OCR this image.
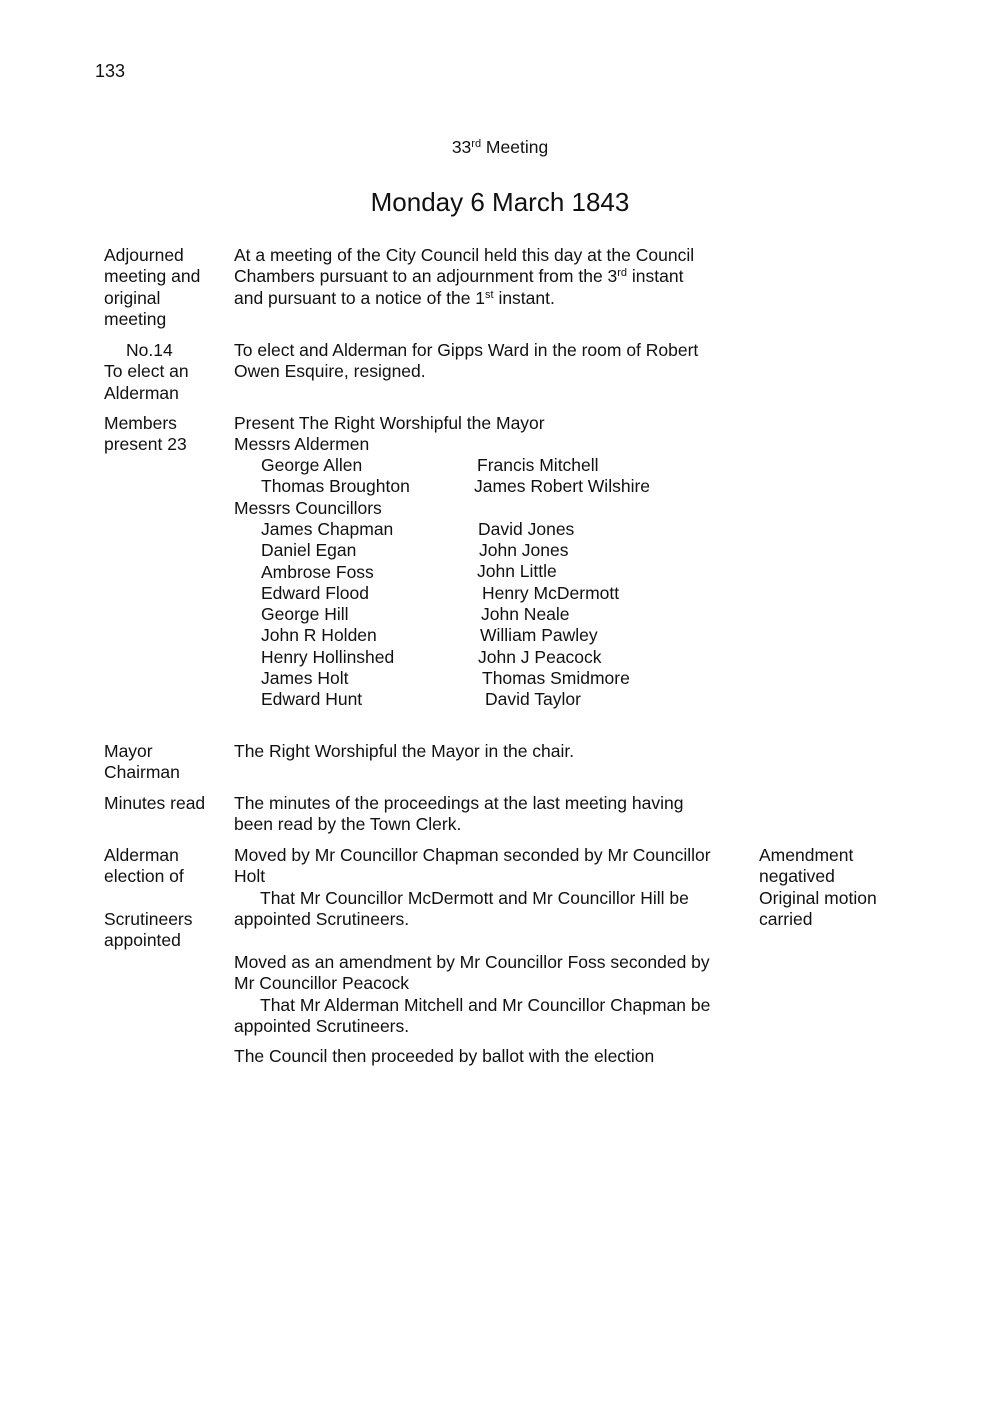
133
33rd Meeting
Monday 6 March 1843
Adjourned
meeting and
original
meeting
At a meeting of the City Council held this day at the Council
Chambers pursuant to an adjournment from the 3rd instant
and pursuant to a notice of the 1st instant.
No.14
To elect an
Alderman
To elect and Alderman for Gipps Ward in the room of Robert
Owen Esquire, resigned.
Members
present 23
Present The Right Worshipful the Mayor
Messrs Aldermen
George Allen
Thomas Broughton
Francis Mitchell
James Robert Wilshire
Messrs Councillors
James Chapman
Daniel Egan
Ambrose Foss
Edward Flood
George Hill
John R Holden
Henry Hollinshed
James Holt
Edward Hunt
David Jones
John Jones
John Little
Henry McDermott
John Neale
William Pawley
John J Peacock
Thomas Smidmore
David Taylor
Mayor
Chairman
The Right Worshipful the Mayor in the chair.
Minutes read	The minutes of the proceedings at the last meeting having
been read by the Town Clerk.
Alderman
election of
Scrutineers
appointed
Moved by Mr Councillor Chapman seconded by Mr Councillor
Holt
That Mr Councillor McDermott and Mr Councillor Hill be
appointed Scrutineers.
Amendment
negatived
Original motion
carried
Moved as an amendment by Mr Councillor Foss seconded by
Mr Councillor Peacock
That Mr Alderman Mitchell and Mr Councillor Chapman be
appointed Scrutineers.
The Council then proceeded by ballot with the election
